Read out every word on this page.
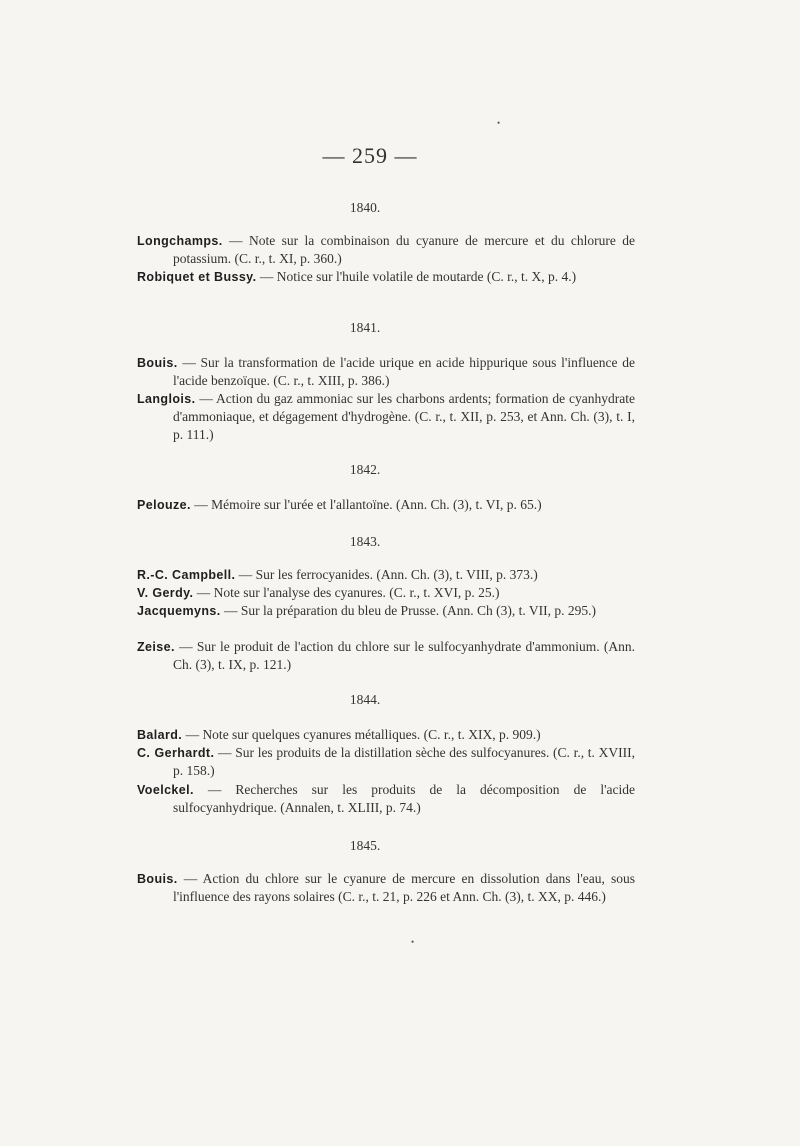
— 259 —
1840.
Longchamps. — Note sur la combinaison du cyanure de mercure et du chlorure de potassium. (C. r., t. XI, p. 360.)
Robiquet et Bussy. — Notice sur l'huile volatile de moutarde (C. r., t. X, p. 4.)
1841.
Bouis. — Sur la transformation de l'acide urique en acide hippurique sous l'influence de l'acide benzoïque. (C. r., t. XIII, p. 386.)
Langlois. — Action du gaz ammoniac sur les charbons ardents; formation de cyanhydrate d'ammoniaque, et dégagement d'hydrogène. (C. r., t. XII, p. 253, et Ann. Ch. (3), t. I, p. 111.)
1842.
Pelouze. — Mémoire sur l'urée et l'allantoïne. (Ann. Ch. (3), t. VI, p. 65.)
1843.
R.-C. Campbell. — Sur les ferrocyanides. (Ann. Ch. (3), t. VIII, p. 373.)
V. Gerdy. — Note sur l'analyse des cyanures. (C. r., t. XVI, p. 25.)
Jacquemyns. — Sur la préparation du bleu de Prusse. (Ann. Ch (3), t. VII, p. 295.)
Zeise. — Sur le produit de l'action du chlore sur le sulfocyanhydrate d'ammonium. (Ann. Ch. (3), t. IX, p. 121.)
1844.
Balard. — Note sur quelques cyanures métalliques. (C. r., t. XIX, p. 909.)
C. Gerhardt. — Sur les produits de la distillation sèche des sulfocyanures. (C. r., t. XVIII, p. 158.)
Voelckel. — Recherches sur les produits de la décomposition de l'acide sulfocyanhydrique. (Annalen, t. XLIII, p. 74.)
1845.
Bouis. — Action du chlore sur le cyanure de mercure en dissolution dans l'eau, sous l'influence des rayons solaires (C. r., t. 21, p. 226 et Ann. Ch. (3), t. XX, p. 446.)
•
•
